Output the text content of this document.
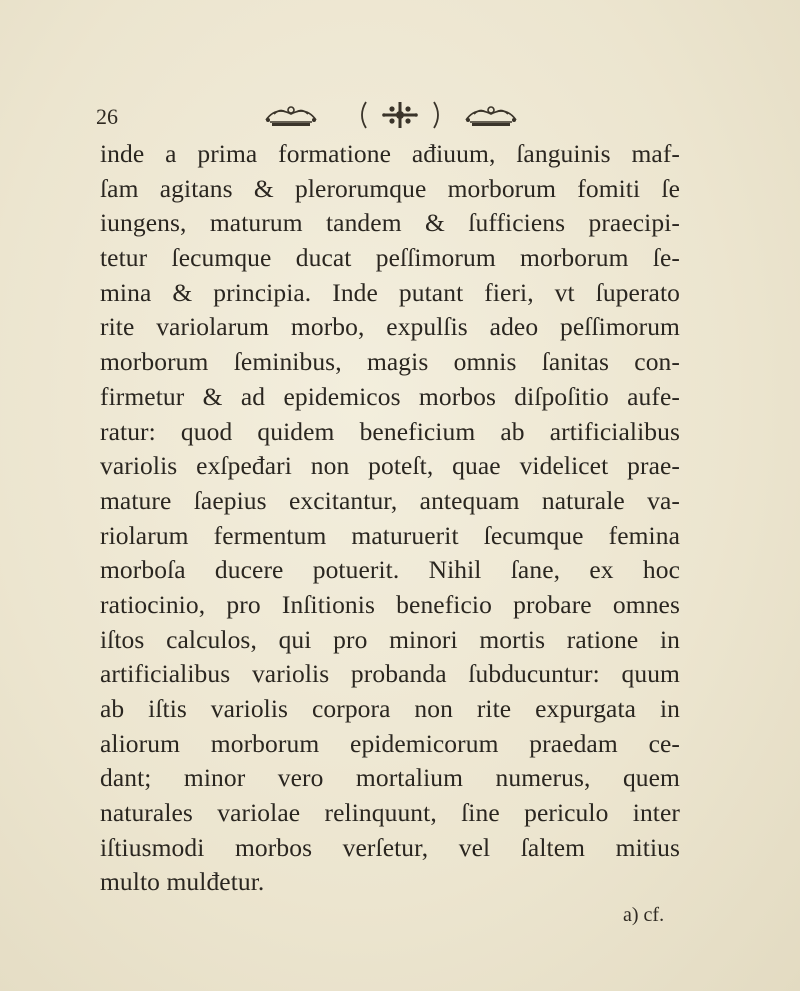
26
inde a prima formatione ađiuum, ſanguinis maf-
ſam agitans & plerorumque morborum fomiti ſe
iungens, maturum tandem & ſufficiens praecipi-
tetur ſecumque ducat peſſimorum morborum ſe-
mina & principia. Inde putant fieri, vt ſuperato
rite variolarum morbo, expulſis adeo peſſimorum
morborum ſeminibus, magis omnis ſanitas con-
firmetur & ad epidemicos morbos diſpoſitio aufe-
ratur: quod quidem beneficium ab artificialibus
variolis exſpeđari non poteſt, quae videlicet prae-
mature ſaepius excitantur, antequam naturale va-
riolarum fermentum maturuerit ſecumque femina
morboſa ducere potuerit. Nihil ſane, ex hoc
ratiocinio, pro Inſitionis beneficio probare omnes
iſtos calculos, qui pro minori mortis ratione in
artificialibus variolis probanda ſubducuntur: quum
ab iſtis variolis corpora non rite expurgata in
aliorum morborum epidemicorum praedam ce-
dant; minor vero mortalium numerus, quem
naturales variolae relinquunt, ſine periculo inter
iſtiusmodi morbos verſetur, vel ſaltem mitius
multo mulđetur.
a) cf.
